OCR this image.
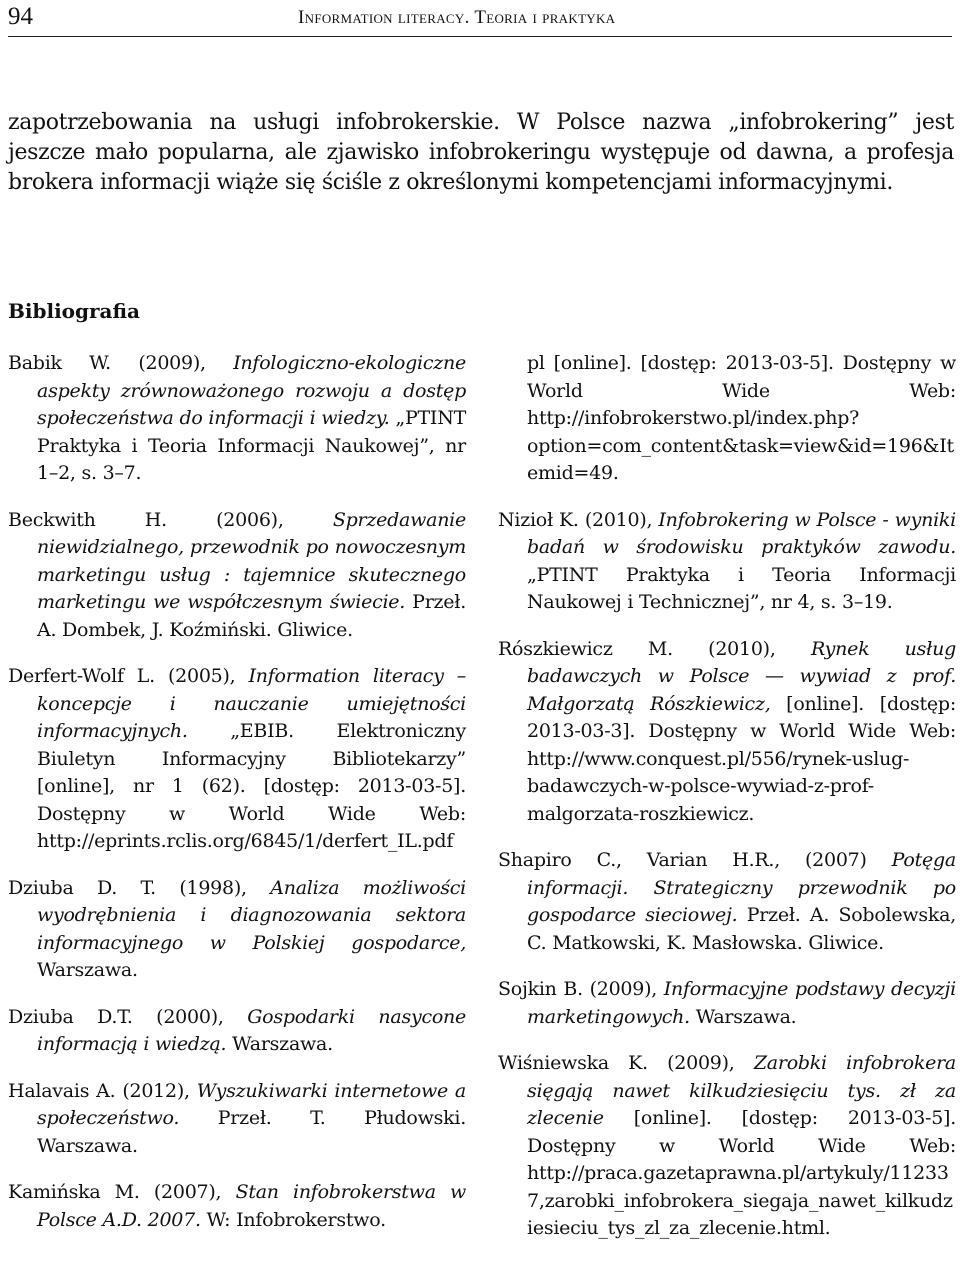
94	Information literacy. Teoria i praktyka

zapotrzebowania na usługi infobrokerskie. W Polsce nazwa „infobrokering” jest jeszcze mało popularna, ale zjawisko infobrokeringu występuje od dawna, a profesja brokera informacji wiąże się ściśle z określonymi kompetencjami informacyjnymi.

Bibliografia

Babik W. (2009), Infologiczno-ekologiczne aspekty zrównoważonego rozwoju a dostęp społeczeństwa do informacji i wiedzy. „PTINT Praktyka i Teoria Informacji Naukowej”, nr 1–2, s. 3–7.

Beckwith H. (2006), Sprzedawanie niewidzialnego, przewodnik po nowoczesnym marketingu usług : tajemnice skutecznego marketingu we współczesnym świecie. Przeł. A. Dombek, J. Koźmiński. Gliwice.

Derfert-Wolf L. (2005), Information literacy – koncepcje i nauczanie umiejętności informacyjnych. „EBIB. Elektroniczny Biuletyn Informacyjny Bibliotekarzy” [online], nr 1 (62). [dostęp: 2013-03-5]. Dostępny w World Wide Web: http://eprints.rclis.org/6845/1/derfert_IL.pdf

Dziuba D. T. (1998), Analiza możliwości wyodrębnienia i diagnozowania sektora informacyjnego w Polskiej gospodarce, Warszawa.

Dziuba D.T. (2000), Gospodarki nasycone informacją i wiedzą. Warszawa.

Halavais A. (2012), Wyszukiwarki internetowe a społeczeństwo. Przeł. T. Płudowski. Warszawa.

Kamińska M. (2007), Stan infobrokerstwa w Polsce A.D. 2007. W: Infobrokerstwo.

pl [online]. [dostęp: 2013-03-5]. Dostępny w World Wide Web: http://infobrokerstwo.pl/index.php?option=com_content&task=view&id=196&Itemid=49.

Nizioł K. (2010), Infobrokering w Polsce - wyniki badań w środowisku praktyków zawodu. „PTINT Praktyka i Teoria Informacji Naukowej i Technicznej”, nr 4, s. 3–19.

Rószkiewicz M. (2010), Rynek usług badawczych w Polsce — wywiad z prof. Małgorzatą Rószkiewicz, [online]. [dostęp: 2013-03-3]. Dostępny w World Wide Web: http://www.conquest.pl/556/rynek-uslug-badawczych-w-polsce-wywiad-z-prof-malgorzata-roszkiewicz.

Shapiro C., Varian H.R., (2007) Potęga informacji. Strategiczny przewodnik po gospodarce sieciowej. Przeł. A. Sobolewska, C. Matkowski, K. Masłowska. Gliwice.

Sojkin B. (2009), Informacyjne podstawy decyzji marketingowych. Warszawa.

Wiśniewska K. (2009), Zarobki infobrokera sięgają nawet kilkudziesięciu tys. zł za zlecenie [online]. [dostęp: 2013-03-5]. Dostępny w World Wide Web: http://praca.gazetaprawna.pl/artykuly/112337,zarobki_infobrokera_siegaja_nawet_kilkudziesieciu_tys_zl_za_zlecenie.html.
